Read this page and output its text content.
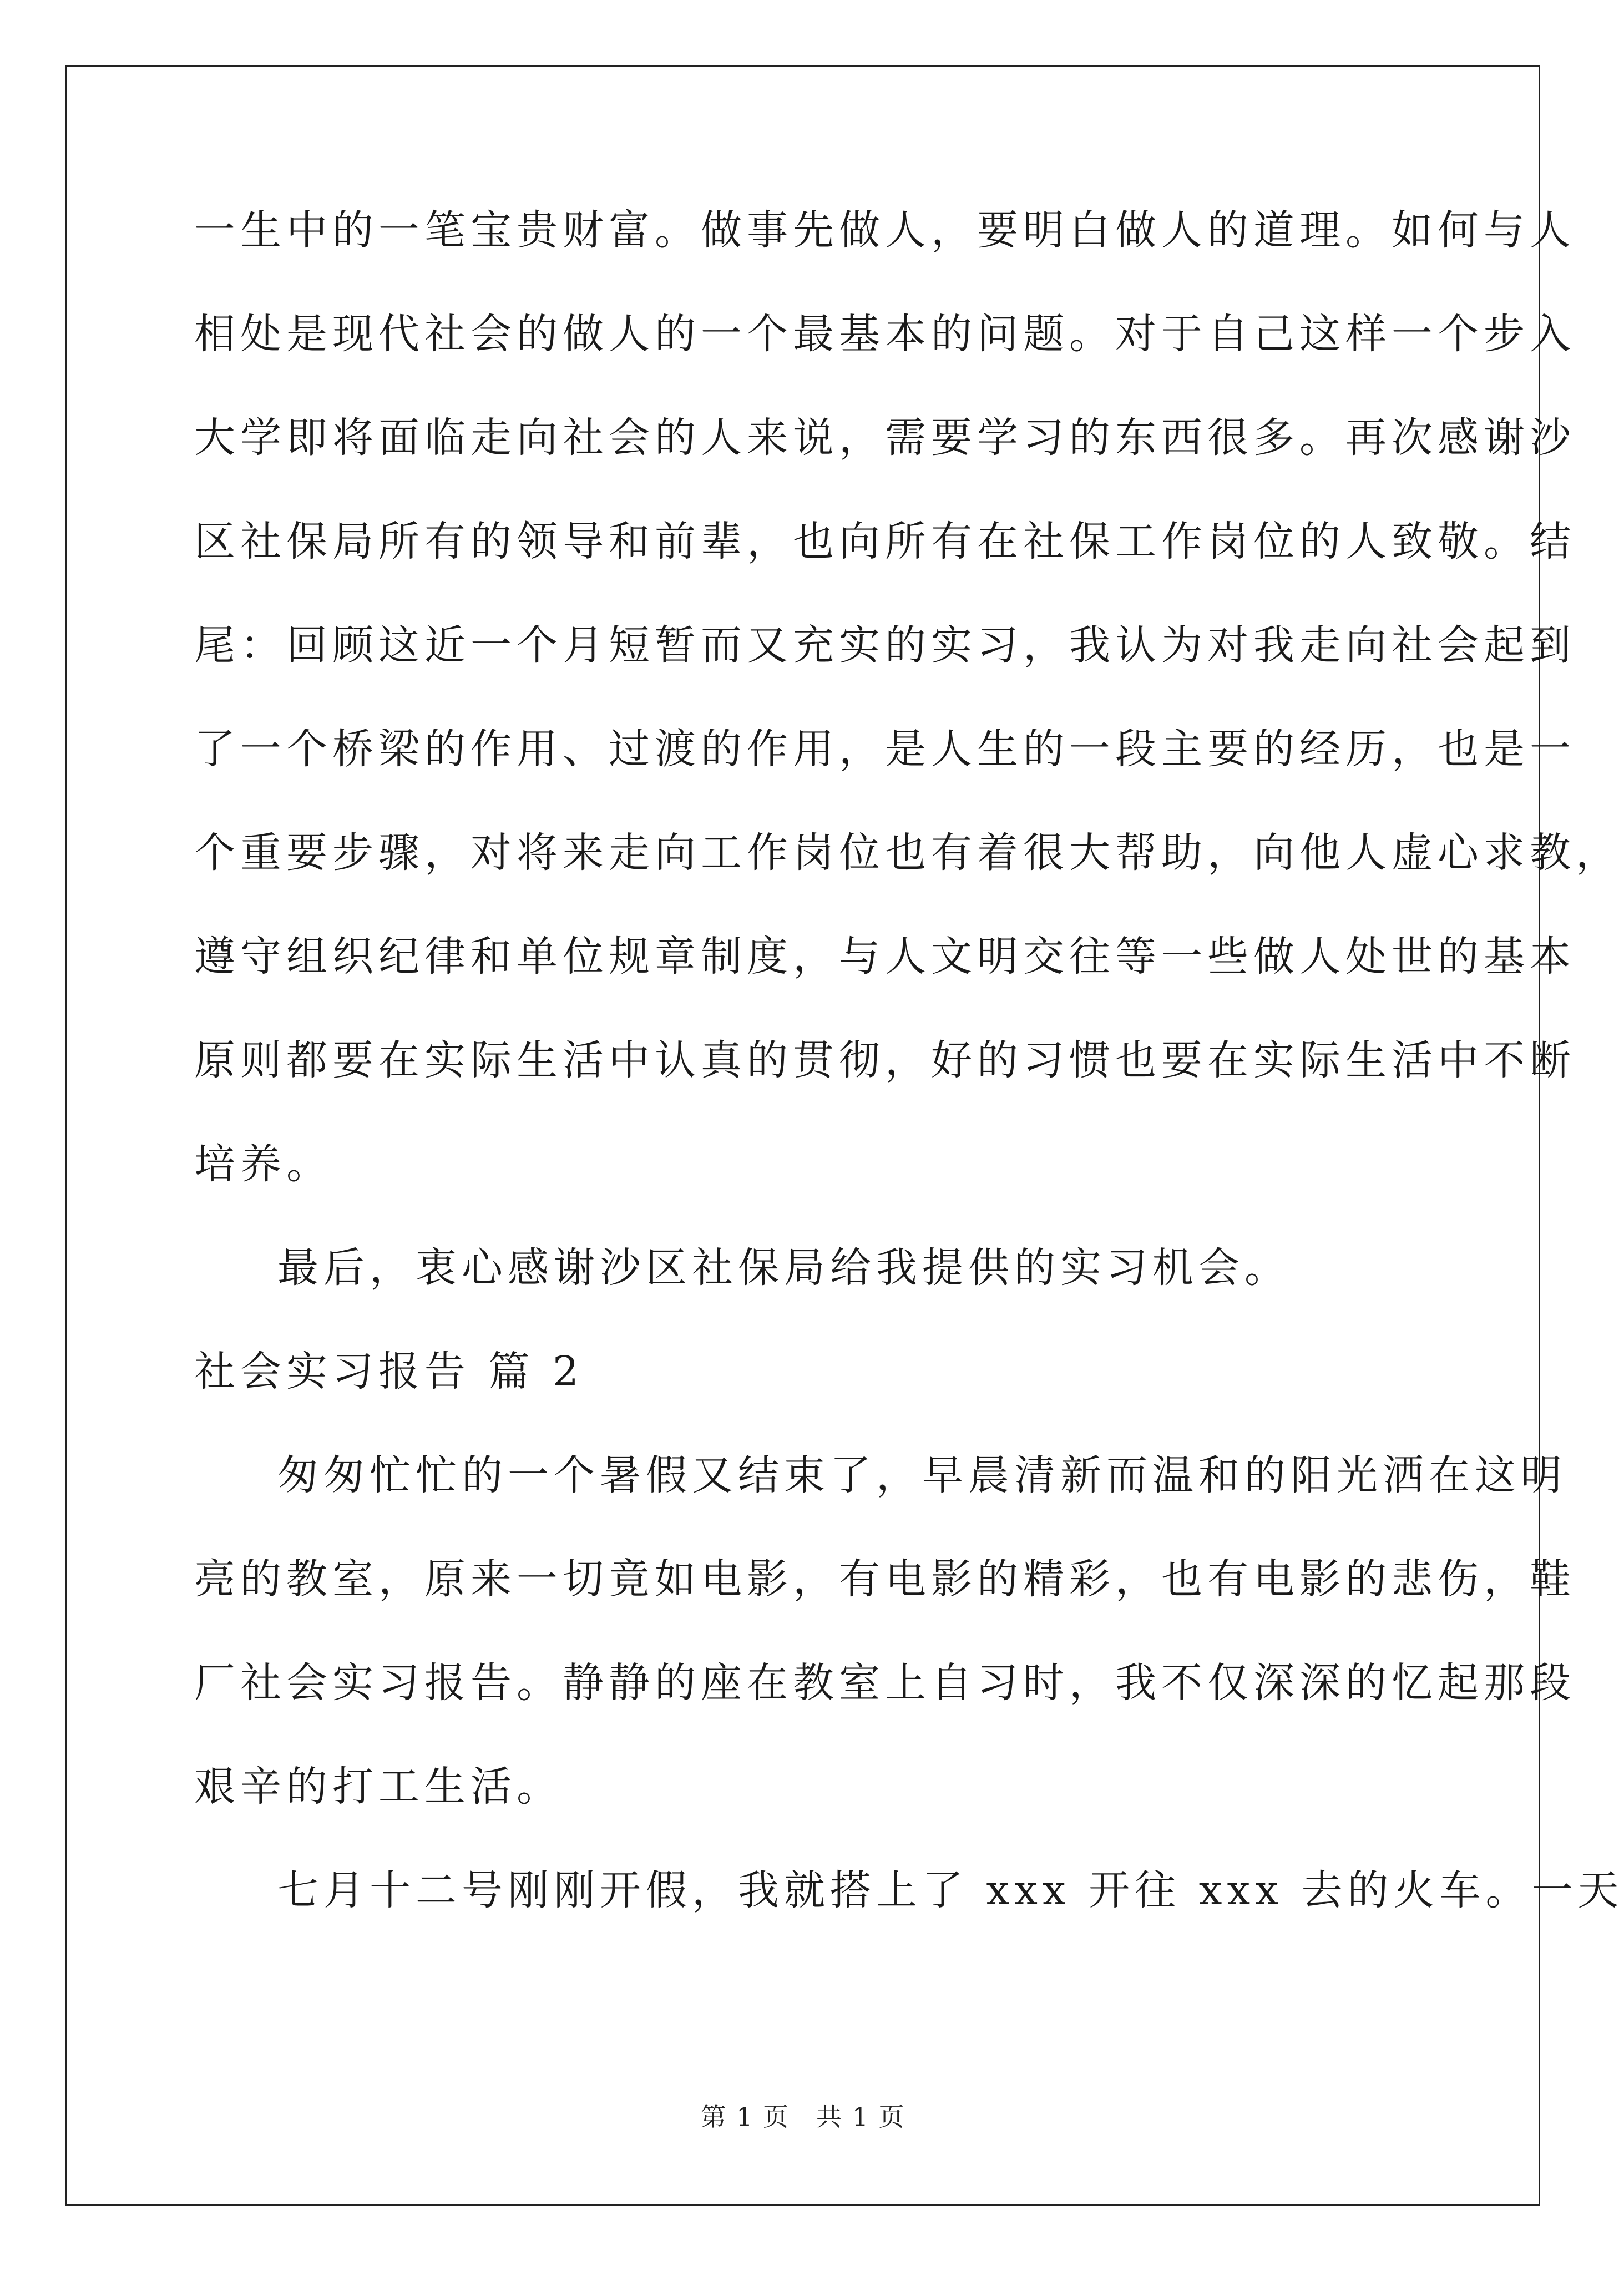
一生中的一笔宝贵财富。做事先做人，要明白做人的道理。如何与人
相处是现代社会的做人的一个最基本的问题。对于自己这样一个步入
大学即将面临走向社会的人来说，需要学习的东西很多。再次感谢沙
区社保局所有的领导和前辈，也向所有在社保工作岗位的人致敬。结
尾：回顾这近一个月短暂而又充实的实习，我认为对我走向社会起到
了一个桥梁的作用、过渡的作用，是人生的一段主要的经历，也是一
个重要步骤，对将来走向工作岗位也有着很大帮助，向他人虚心求教，
遵守组织纪律和单位规章制度，与人文明交往等一些做人处世的基本
原则都要在实际生活中认真的贯彻，好的习惯也要在实际生活中不断
培养。
最后，衷心感谢沙区社保局给我提供的实习机会。
社会实习报告 篇 2
匆匆忙忙的一个暑假又结束了，早晨清新而温和的阳光洒在这明
亮的教室，原来一切竟如电影，有电影的精彩，也有电影的悲伤，鞋
厂社会实习报告。静静的座在教室上自习时，我不仅深深的忆起那段
艰辛的打工生活。
七月十二号刚刚开假，我就搭上了 xxx 开往 xxx 去的火车。一天
第 1 页　共 1 页
